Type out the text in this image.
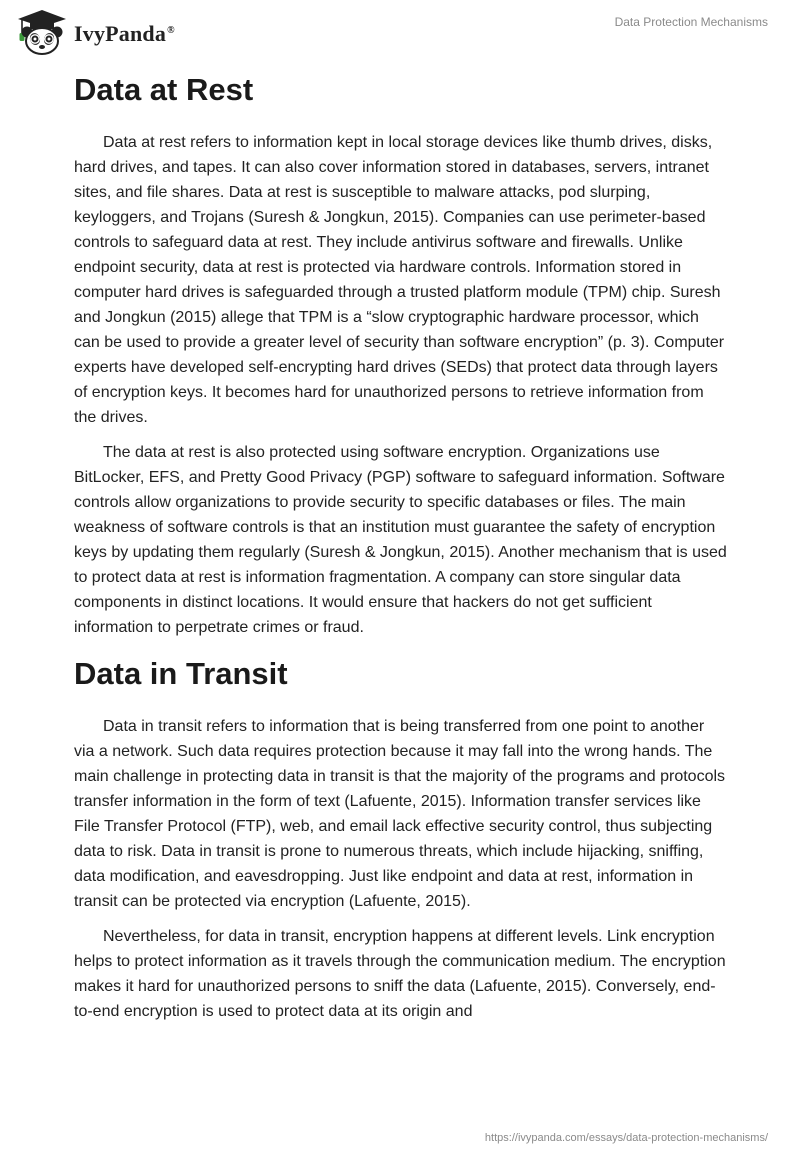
IvyPanda®
Data Protection Mechanisms
Data at Rest

Data at rest refers to information kept in local storage devices like thumb drives, disks, hard drives, and tapes. It can also cover information stored in databases, servers, intranet sites, and file shares. Data at rest is susceptible to malware attacks, pod slurping, keyloggers, and Trojans (Suresh & Jongkun, 2015). Companies can use perimeter-based controls to safeguard data at rest. They include antivirus software and firewalls. Unlike endpoint security, data at rest is protected via hardware controls. Information stored in computer hard drives is safeguarded through a trusted platform module (TPM) chip. Suresh and Jongkun (2015) allege that TPM is a “slow cryptographic hardware processor, which can be used to provide a greater level of security than software encryption” (p. 3). Computer experts have developed self-encrypting hard drives (SEDs) that protect data through layers of encryption keys. It becomes hard for unauthorized persons to retrieve information from the drives.

The data at rest is also protected using software encryption. Organizations use BitLocker, EFS, and Pretty Good Privacy (PGP) software to safeguard information. Software controls allow organizations to provide security to specific databases or files. The main weakness of software controls is that an institution must guarantee the safety of encryption keys by updating them regularly (Suresh & Jongkun, 2015). Another mechanism that is used to protect data at rest is information fragmentation. A company can store singular data components in distinct locations. It would ensure that hackers do not get sufficient information to perpetrate crimes or fraud.

Data in Transit

Data in transit refers to information that is being transferred from one point to another via a network. Such data requires protection because it may fall into the wrong hands. The main challenge in protecting data in transit is that the majority of the programs and protocols transfer information in the form of text (Lafuente, 2015). Information transfer services like File Transfer Protocol (FTP), web, and email lack effective security control, thus subjecting data to risk. Data in transit is prone to numerous threats, which include hijacking, sniffing, data modification, and eavesdropping. Just like endpoint and data at rest, information in transit can be protected via encryption (Lafuente, 2015).

Nevertheless, for data in transit, encryption happens at different levels. Link encryption helps to protect information as it travels through the communication medium. The encryption makes it hard for unauthorized persons to sniff the data (Lafuente, 2015). Conversely, end-to-end encryption is used to protect data at its origin and

https://ivypanda.com/essays/data-protection-mechanisms/
